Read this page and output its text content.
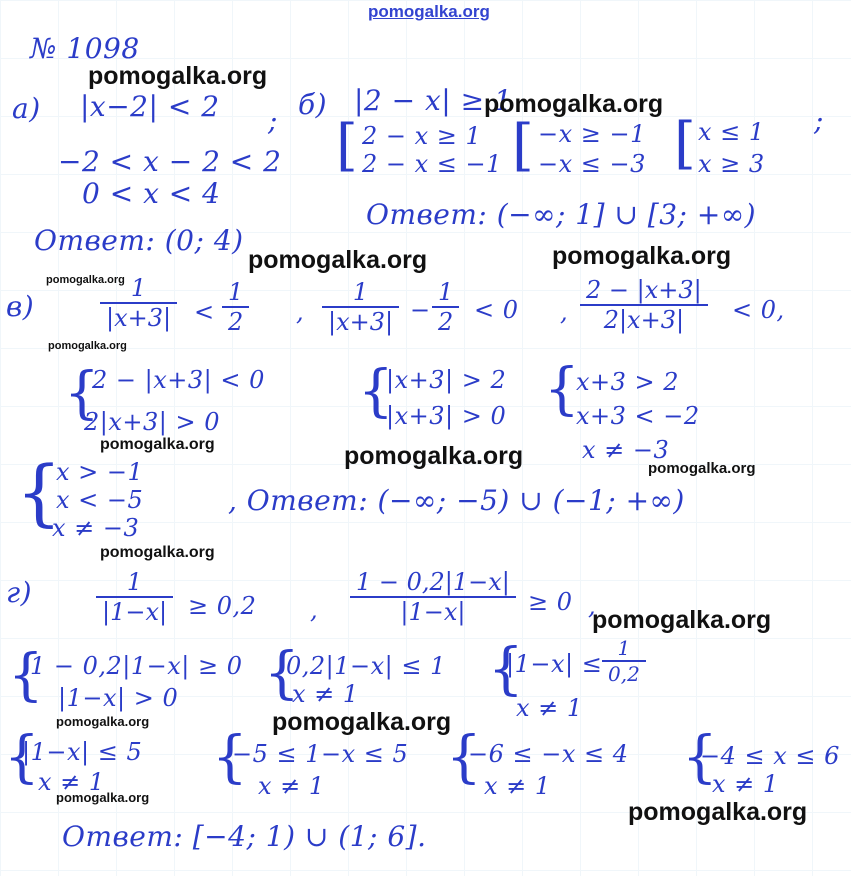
pomogalka.org
№ 1098
а) |x−2| < 2 ;
−2 < x − 2 < 2
0 < x < 4
Ответ: (0; 4)
б) |2 − x| ≥ 1
[ 2 − x ≥ 1
2 − x ≤ −1 [ −x ≥ −1
−x ≤ −3 [ x ≤ 1
x ≥ 3
;
Ответ: (−∞; 1] ∪ [3; +∞)
в)	$\frac{1}{|x+3|} < \frac{1}{2}$ , $\frac{1}{|x+3|} - \frac{1}{2} < 0$ , $\frac{2 - |x+3|}{2|x+3|} < 0$,
{
2 − |x+3| < 0
2|x+3| > 0 {
|x+3| > 2
|x+3| > 0 {
x+3 > 2
x+3 < −2
x ≠ −3
{
x > −1
x < −5
x ≠ −3
, Ответ: (−∞; −5) ∪ (−1; +∞)
г)	$\frac{1}{|1-x|} \ge 0,2$ , $\frac{1 - 0,2|1-x|}{|1-x|} \ge 0$ ,
{
1 − 0,2|1−x| ≥ 0
|1−x| > 0 {
0,2|1−x| ≤ 1
x ≠ 1 {
$|1-x| \le \frac{1}{0,2}$
x ≠ 1
{
|1−x| ≤ 5
x ≠ 1 {
−5 ≤ 1−x ≤ 5
x ≠ 1 {
−6 ≤ −x ≤ 4
x ≠ 1 {
−4 ≤ x ≤ 6
x ≠ 1
Ответ: [−4; 1) ∪ (1; 6].
pomogalka.org
pomogalka.org
pomogalka.org	pomogalka.org
pomogalka.org
pomogalka.org
pomogalka.org	pomogalka.org	pomogalka.org
pomogalka.org
pomogalka.org
pomogalka.org	pomogalka.org
pomogalka.org
pomogalka.org
